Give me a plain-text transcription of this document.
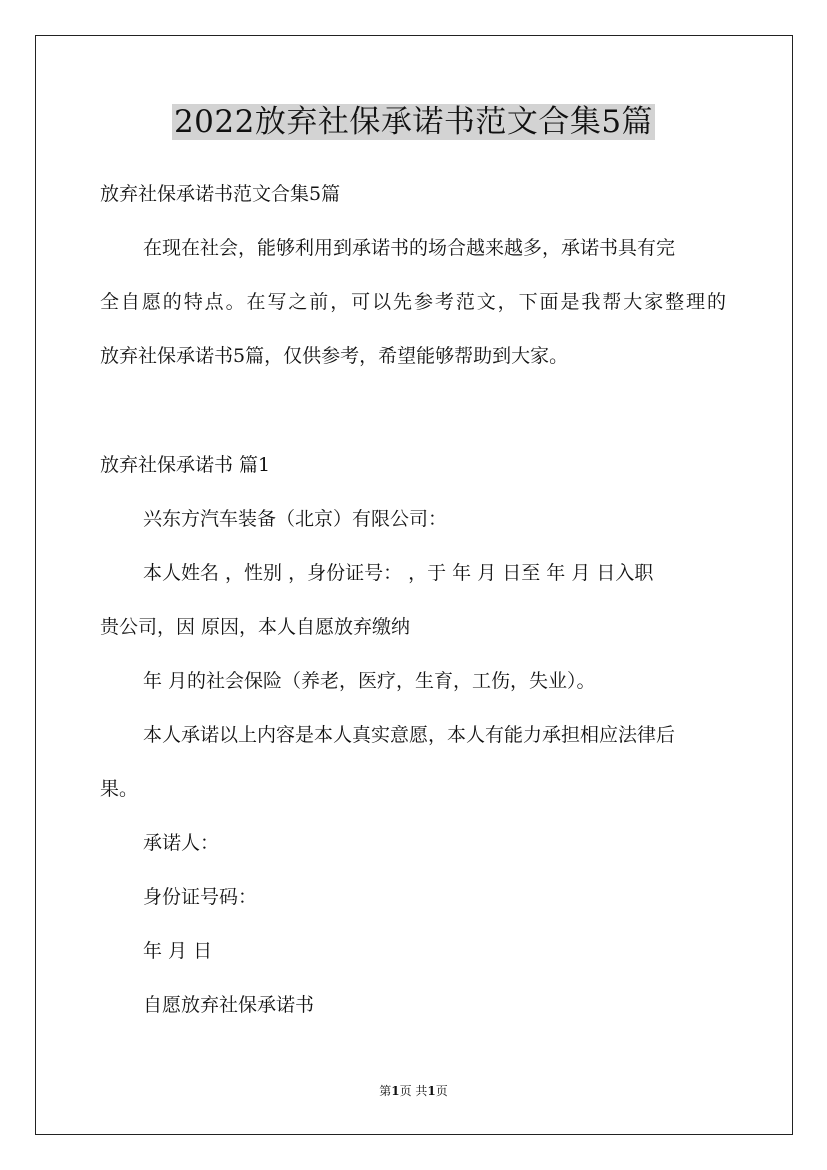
2022放弃社保承诺书范文合集5篇
放弃社保承诺书范文合集5篇
在现在社会，能够利用到承诺书的场合越来越多，承诺书具有完
全自愿的特点。在写之前，可以先参考范文，下面是我帮大家整理的
放弃社保承诺书5篇，仅供参考，希望能够帮助到大家。
放弃社保承诺书 篇1
兴东方汽车装备（北京）有限公司：
本人姓名 ，性别 ，身份证号： ，于 年 月 日至 年 月 日入职
贵公司，因 原因，本人自愿放弃缴纳
年 月的社会保险（养老，医疗，生育，工伤，失业）。
本人承诺以上内容是本人真实意愿，本人有能力承担相应法律后
果。
承诺人：
身份证号码：
年 月 日
自愿放弃社保承诺书
第1页 共1页
